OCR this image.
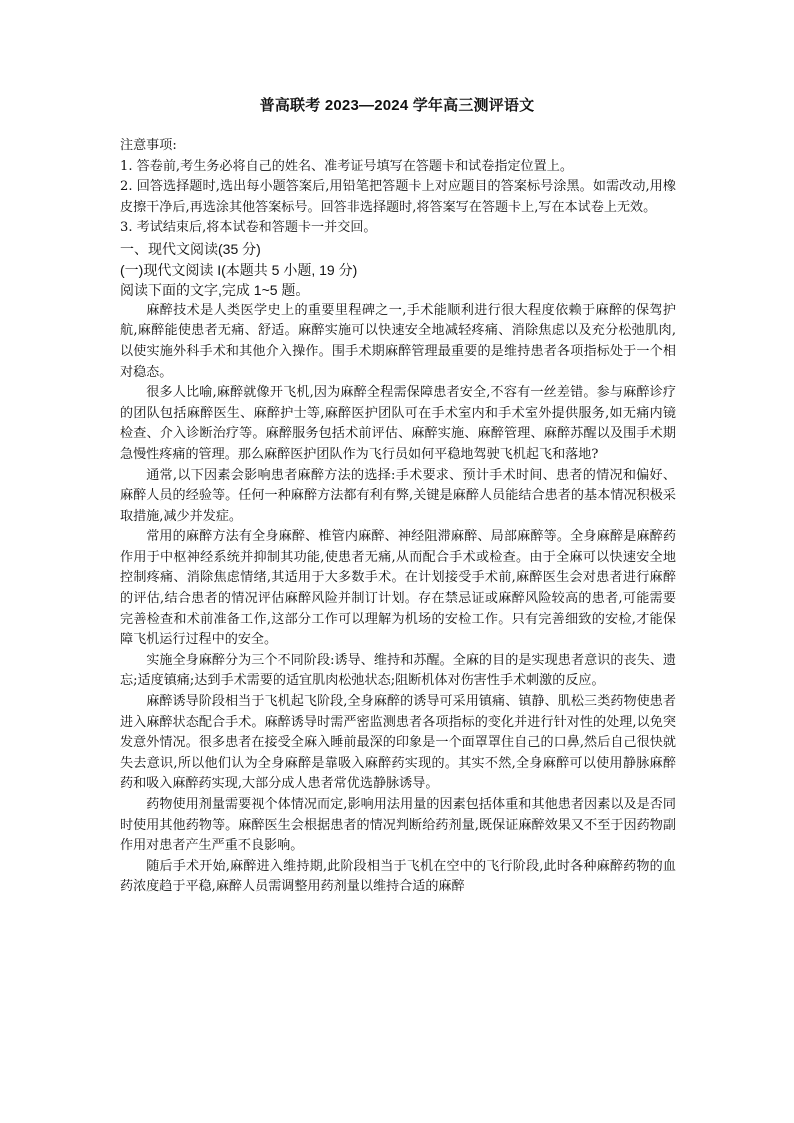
普高联考 2023—2024 学年高三测评语文

注意事项:

1. 答卷前,考生务必将自己的姓名、准考证号填写在答题卡和试卷指定位置上。

2. 回答选择题时,选出每小题答案后,用铅笔把答题卡上对应题目的答案标号涂黑。如需改动,用橡皮擦干净后,再选涂其他答案标号。回答非选择题时,将答案写在答题卡上,写在本试卷上无效。

3. 考试结束后,将本试卷和答题卡一并交回。

一、现代文阅读(35 分)

(一)现代文阅读 I(本题共 5 小题, 19 分)

阅读下面的文字,完成 1~5 题。

麻醉技术是人类医学史上的重要里程碑之一,手术能顺利进行很大程度依赖于麻醉的保驾护航,麻醉能使患者无痛、舒适。麻醉实施可以快速安全地减轻疼痛、消除焦虑以及充分松弛肌肉,以使实施外科手术和其他介入操作。围手术期麻醉管理最重要的是维持患者各项指标处于一个相对稳态。

很多人比喻,麻醉就像开飞机,因为麻醉全程需保障患者安全,不容有一丝差错。参与麻醉诊疗的团队包括麻醉医生、麻醉护士等,麻醉医护团队可在手术室内和手术室外提供服务,如无痛内镜检查、介入诊断治疗等。麻醉服务包括术前评估、麻醉实施、麻醉管理、麻醉苏醒以及围手术期急慢性疼痛的管理。那么麻醉医护团队作为飞行员如何平稳地驾驶飞机起飞和落地?

通常,以下因素会影响患者麻醉方法的选择:手术要求、预计手术时间、患者的情况和偏好、麻醉人员的经验等。任何一种麻醉方法都有利有弊,关键是麻醉人员能结合患者的基本情况积极采取措施,减少并发症。

常用的麻醉方法有全身麻醉、椎管内麻醉、神经阻滞麻醉、局部麻醉等。全身麻醉是麻醉药作用于中枢神经系统并抑制其功能,使患者无痛,从而配合手术或检查。由于全麻可以快速安全地控制疼痛、消除焦虑情绪,其适用于大多数手术。在计划接受手术前,麻醉医生会对患者进行麻醉的评估,结合患者的情况评估麻醉风险并制订计划。存在禁忌证或麻醉风险较高的患者,可能需要完善检查和术前准备工作,这部分工作可以理解为机场的安检工作。只有完善细致的安检,才能保障飞机运行过程中的安全。

实施全身麻醉分为三个不同阶段:诱导、维持和苏醒。全麻的目的是实现患者意识的丧失、遗忘;适度镇痛;达到手术需要的适宜肌肉松弛状态;阻断机体对伤害性手术刺激的反应。

麻醉诱导阶段相当于飞机起飞阶段,全身麻醉的诱导可采用镇痛、镇静、肌松三类药物使患者进入麻醉状态配合手术。麻醉诱导时需严密监测患者各项指标的变化并进行针对性的处理,以免突发意外情况。很多患者在接受全麻入睡前最深的印象是一个面罩罩住自己的口鼻,然后自己很快就失去意识,所以他们认为全身麻醉是靠吸入麻醉药实现的。其实不然,全身麻醉可以使用静脉麻醉药和吸入麻醉药实现,大部分成人患者常优选静脉诱导。

药物使用剂量需要视个体情况而定,影响用法用量的因素包括体重和其他患者因素以及是否同时使用其他药物等。麻醉医生会根据患者的情况判断给药剂量,既保证麻醉效果又不至于因药物副作用对患者产生严重不良影响。

随后手术开始,麻醉进入维持期,此阶段相当于飞机在空中的飞行阶段,此时各种麻醉药物的血药浓度趋于平稳,麻醉人员需调整用药剂量以维持合适的麻醉
